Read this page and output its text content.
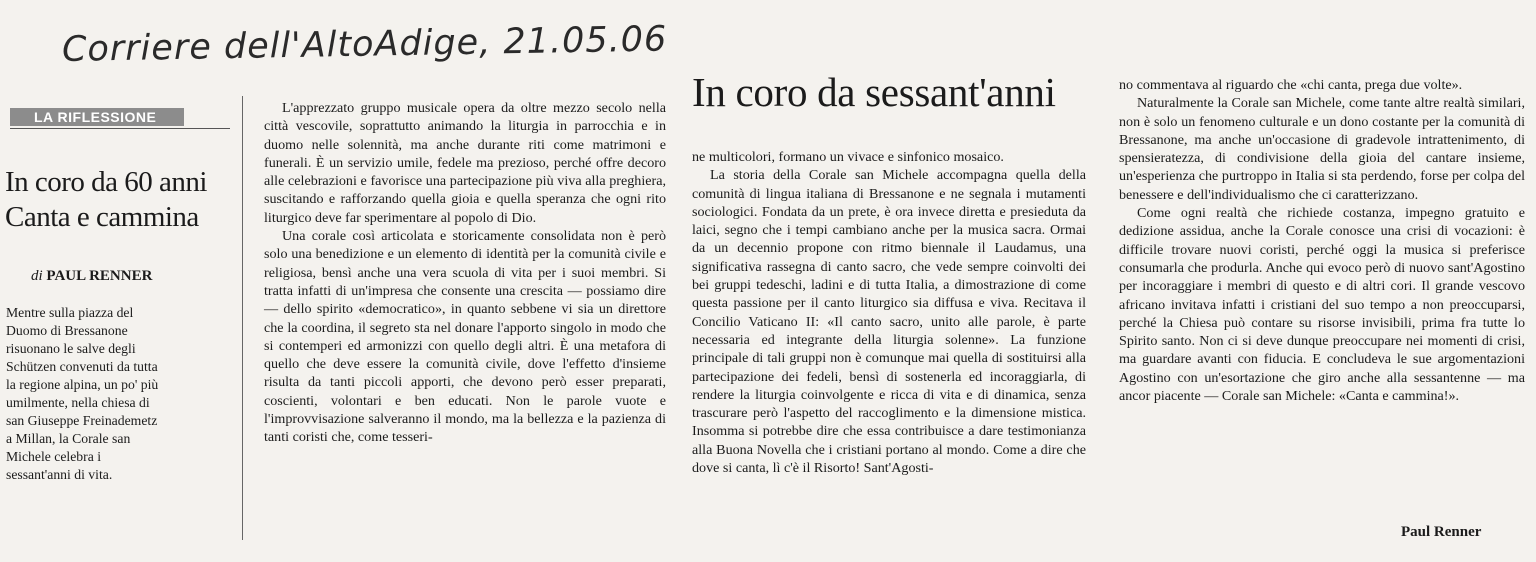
Corriere dell'AltoAdige, 21.05.06
LA RIFLESSIONE
In coro da 60 anni
Canta e cammina
di PAUL RENNER
Mentre sulla piazza del
Duomo di Bressanone
risuonano le salve degli
Schützen convenuti da tutta
la regione alpina, un po' più
umilmente, nella chiesa di
san Giuseppe Freinademetz
a Millan, la Corale san
Michele celebra i
sessant'anni di vita.

L'apprezzato gruppo musicale opera da oltre mezzo secolo nella città vescovile, soprattutto animando la liturgia in parrocchia e in duomo nelle solennità, ma anche durante riti come matrimoni e funerali. È un servizio umile, fedele ma prezioso, perché offre decoro alle celebrazioni e favorisce una partecipazione più viva alla preghiera, suscitando e rafforzando quella gioia e quella speranza che ogni rito liturgico deve far sperimentare al popolo di Dio.

Una corale così articolata e storicamente consolidata non è però solo una benedizione e un elemento di identità per la comunità civile e religiosa, bensì anche una vera scuola di vita per i suoi membri. Si tratta infatti di un'impresa che consente una crescita — possiamo dire — dello spirito «democratico», in quanto sebbene vi sia un direttore che la coordina, il segreto sta nel donare l'apporto singolo in modo che si contemperi ed armonizzi con quello degli altri. È una metafora di quello che deve essere la comunità civile, dove l'effetto d'insieme risulta da tanti piccoli apporti, che devono però esser preparati, coscienti, volontari e ben educati. Non le parole vuote e l'improvvisazione salveranno il mondo, ma la bellezza e la pazienza di tanti coristi che, come tesseri-

In coro da sessant'anni

ne multicolori, formano un vivace e sinfonico mosaico.

La storia della Corale san Michele accompagna quella della comunità di lingua italiana di Bressanone e ne segnala i mutamenti sociologici. Fondata da un prete, è ora invece diretta e presieduta da laici, segno che i tempi cambiano anche per la musica sacra. Ormai da un decennio propone con ritmo biennale il Laudamus, una significativa rassegna di canto sacro, che vede sempre coinvolti dei bei gruppi tedeschi, ladini e di tutta Italia, a dimostrazione di come questa passione per il canto liturgico sia diffusa e viva. Recitava il Concilio Vaticano II: «Il canto sacro, unito alle parole, è parte necessaria ed integrante della liturgia solenne». La funzione principale di tali gruppi non è comunque mai quella di sostituirsi alla partecipazione dei fedeli, bensì di sostenerla ed incoraggiarla, di rendere la liturgia coinvolgente e ricca di vita e di dinamica, senza trascurare però l'aspetto del raccoglimento e la dimensione mistica. Insomma si potrebbe dire che essa contribuisce a dare testimonianza alla Buona Novella che i cristiani portano al mondo. Come a dire che dove si canta, lì c'è il Risorto! Sant'Agosti-

no commentava al riguardo che «chi canta, prega due volte».

Naturalmente la Corale san Michele, come tante altre realtà similari, non è solo un fenomeno culturale e un dono costante per la comunità di Bressanone, ma anche un'occasione di gradevole intrattenimento, di spensieratezza, di condivisione della gioia del cantare insieme, un'esperienza che purtroppo in Italia si sta perdendo, forse per colpa del benessere e dell'individualismo che ci caratterizzano.

Come ogni realtà che richiede costanza, impegno gratuito e dedizione assidua, anche la Corale conosce una crisi di vocazioni: è difficile trovare nuovi coristi, perché oggi la musica si preferisce consumarla che produrla. Anche qui evoco però di nuovo sant'Agostino per incoraggiare i membri di questo e di altri cori. Il grande vescovo africano invitava infatti i cristiani del suo tempo a non preoccuparsi, perché la Chiesa può contare su risorse invisibili, prima fra tutte lo Spirito santo. Non ci si deve dunque preoccupare nei momenti di crisi, ma guardare avanti con fiducia. E concludeva le sue argomentazioni Agostino con un'esortazione che giro anche alla sessantenne — ma ancor piacente — Corale san Michele: «Canta e cammina!».

Paul Renner
